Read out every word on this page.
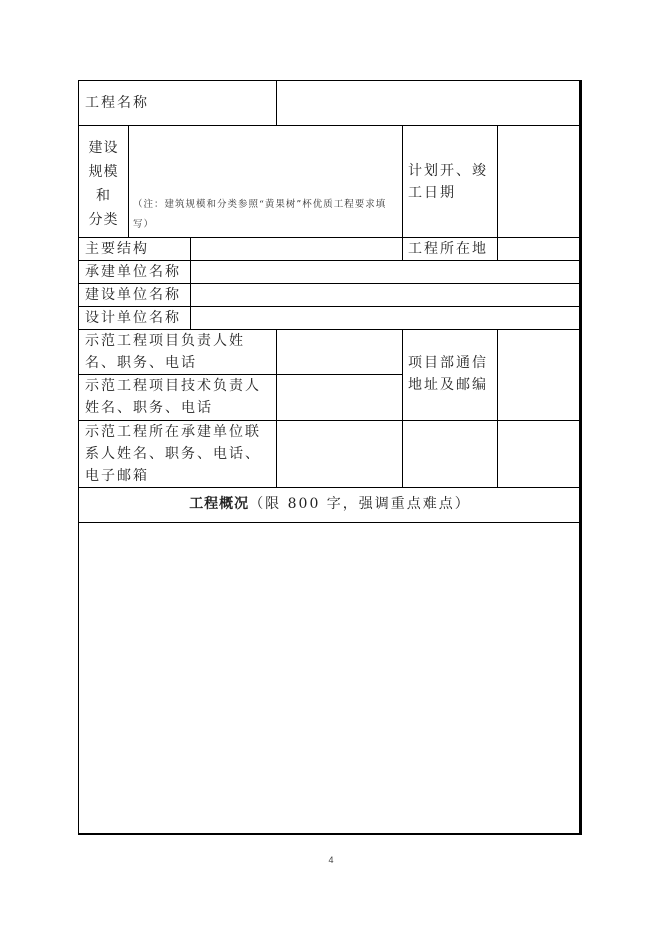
工程名称
建设
规模
和
分类
（注：建筑规模和分类参照“黄果树”杯优质工程要求填写）
计划开、竣工日期
主要结构	工程所在地
承建单位名称
建设单位名称
设计单位名称
示范工程项目负责人姓名、职务、电话
示范工程项目技术负责人姓名、职务、电话
项目部通信地址及邮编
示范工程所在承建单位联系人姓名、职务、电话、电子邮箱
工程概况（限 800 字，强调重点难点）
4
